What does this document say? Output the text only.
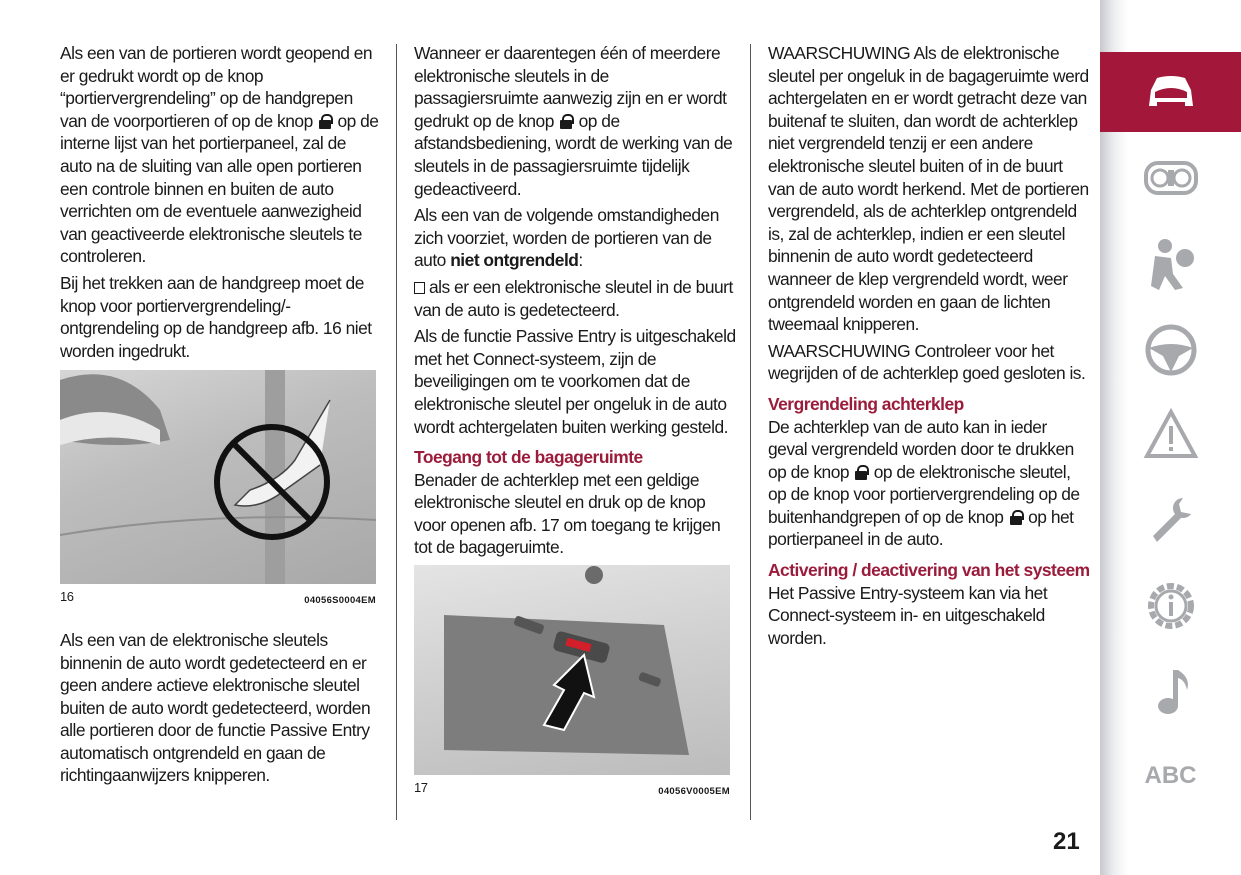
Als een van de portieren wordt geopend en er gedrukt wordt op de knop “portiervergrendeling” op de handgrepen van de voorportieren of op de knop op de interne lijst van het portierpaneel, zal de auto na de sluiting van alle open portieren een controle binnen en buiten de auto verrichten om de eventuele aanwezigheid van geactiveerde elektronische sleutels te controleren.

Bij het trekken aan de handgreep moet de knop voor portiervergrendeling/-ontgrendeling op de handgreep afb. 16 niet worden ingedrukt.

16	04056S0004EM

Als een van de elektronische sleutels binnenin de auto wordt gedetecteerd en er geen andere actieve elektronische sleutel buiten de auto wordt gedetecteerd, worden alle portieren door de functie Passive Entry automatisch ontgrendeld en gaan de richtingaanwijzers knipperen.

Wanneer er daarentegen één of meerdere elektronische sleutels in de passagiersruimte aanwezig zijn en er wordt gedrukt op de knop op de afstandsbediening, wordt de werking van de sleutels in de passagiersruimte tijdelijk gedeactiveerd.

Als een van de volgende omstandigheden zich voorziet, worden de portieren van de auto niet ontgrendeld:

als er een elektronische sleutel in de buurt van de auto is gedetecteerd.

Als de functie Passive Entry is uitgeschakeld met het Connect-systeem, zijn de beveiligingen om te voorkomen dat de elektronische sleutel per ongeluk in de auto wordt achtergelaten buiten werking gesteld.

Toegang tot de bagageruimte

Benader de achterklep met een geldige elektronische sleutel en druk op de knop voor openen afb. 17 om toegang te krijgen tot de bagageruimte.

17	04056V0005EM

WAARSCHUWING Als de elektronische sleutel per ongeluk in de bagageruimte werd achtergelaten en er wordt getracht deze van buitenaf te sluiten, dan wordt de achterklep niet vergrendeld tenzij er een andere elektronische sleutel buiten of in de buurt van de auto wordt herkend. Met de portieren vergrendeld, als de achterklep ontgrendeld is, zal de achterklep, indien er een sleutel binnenin de auto wordt gedetecteerd wanneer de klep vergrendeld wordt, weer ontgrendeld worden en gaan de lichten tweemaal knipperen.

WAARSCHUWING Controleer voor het wegrijden of de achterklep goed gesloten is.

Vergrendeling achterklep

De achterklep van de auto kan in ieder geval vergrendeld worden door te drukken op de knop op de elektronische sleutel, op de knop voor portiervergrendeling op de buitenhandgrepen of op de knop op het portierpaneel in de auto.

Activering / deactivering van het systeem

Het Passive Entry-systeem kan via het Connect-systeem in- en uitgeschakeld worden.

ABC
21
